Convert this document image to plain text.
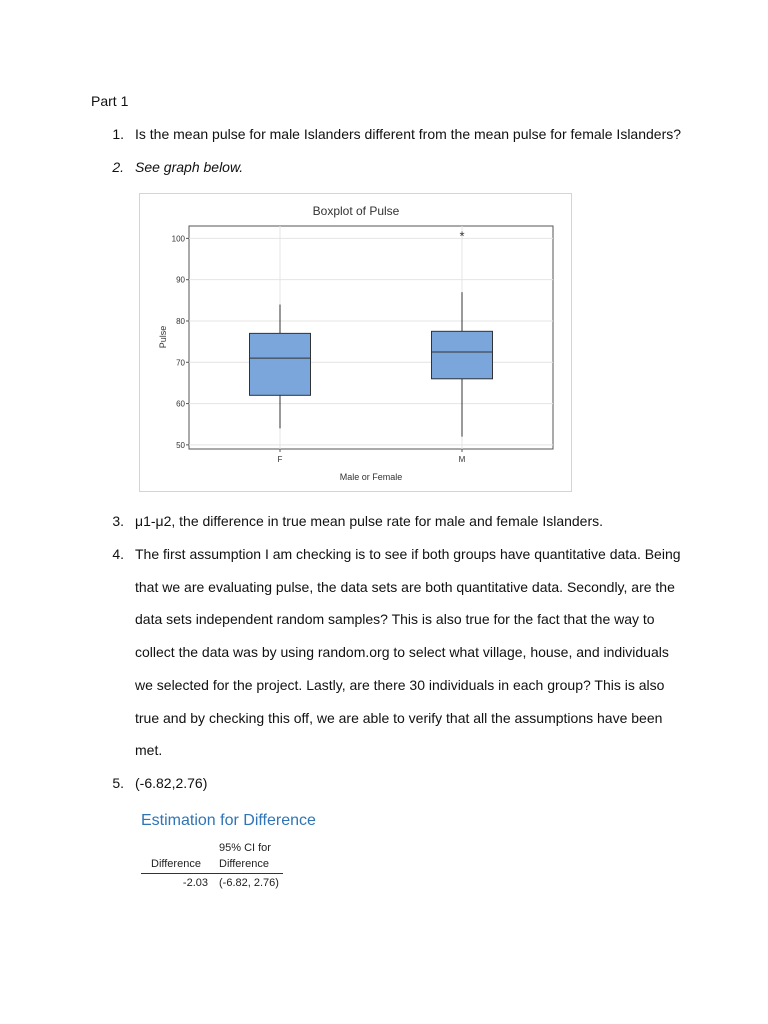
Part 1
1. Is the mean pulse for male Islanders different from the mean pulse for female Islanders?
2. See graph below.
Boxplot of Pulse
50
60
70
80
90
100
F	M
*
Pulse
Male or Female
3. μ1-μ2, the difference in true mean pulse rate for male and female Islanders.
4. The first assumption I am checking is to see if both groups have quantitative data. Being
that we are evaluating pulse, the data sets are both quantitative data. Secondly, are the
data sets independent random samples? This is also true for the fact that the way to
collect the data was by using random.org to select what village, house, and individuals
we selected for the project. Lastly, are there 30 individuals in each group? This is also
true and by checking this off, we are able to verify that all the assumptions have been
met.
5. (-6.82,2.76)
Estimation for Difference
95% CI for
Difference Difference
-2.03 (-6.82, 2.76)
